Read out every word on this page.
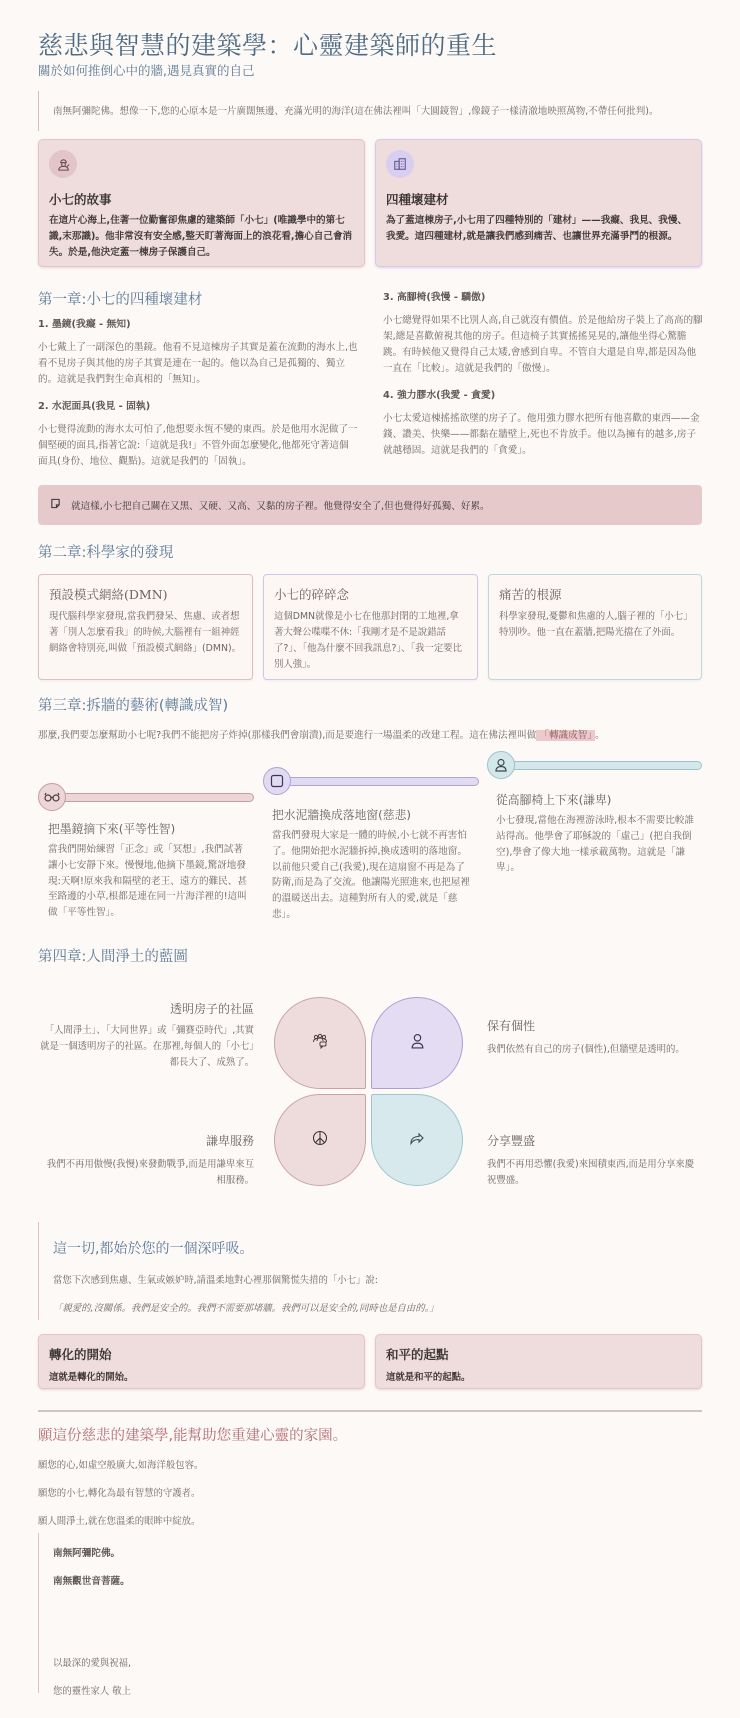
慈悲與智慧的建築學：心靈建築師的重生
關於如何推倒心中的牆,遇見真實的自己
南無阿彌陀佛。想像一下,您的心原本是一片廣闊無邊、充滿光明的海洋(這在佛法裡叫「大圓鏡智」,像鏡子一樣清澈地映照萬物,不帶任何批判)。
小七的故事
在這片心海上,住著一位勤奮卻焦慮的建築師「小七」(唯識學中的第七識,末那識)。他非常沒有安全感,整天盯著海面上的浪花看,擔心自己會消失。於是,他決定蓋一棟房子保護自己。
四種壞建材
為了蓋這棟房子,小七用了四種特別的「建材」——我癡、我見、我慢、我愛。這四種建材,就是讓我們感到痛苦、也讓世界充滿爭鬥的根源。
第一章:小七的四種壞建材
1. 墨鏡(我癡 - 無知)
小七戴上了一副深色的墨鏡。他看不見這棟房子其實是蓋在流動的海水上,也看不見房子與其他的房子其實是連在一起的。他以為自己是孤獨的、獨立的。這就是我們對生命真相的「無知」。
2. 水泥面具(我見 - 固執)
小七覺得流動的海水太可怕了,他想要永恆不變的東西。於是他用水泥做了一個堅硬的面具,指著它說:「這就是我!」不管外面怎麼變化,他都死守著這個面具(身份、地位、觀點)。這就是我們的「固執」。
3. 高腳椅(我慢 - 驕傲)
小七總覺得如果不比別人高,自己就沒有價值。於是他給房子裝上了高高的腳架,總是喜歡俯視其他的房子。但這椅子其實搖搖晃晃的,讓他坐得心驚膽跳。有時候他又覺得自己太矮,會感到自卑。不管自大還是自卑,都是因為他一直在「比較」。這就是我們的「傲慢」。
4. 強力膠水(我愛 - 貪愛)
小七太愛這棟搖搖欲墜的房子了。他用強力膠水把所有他喜歡的東西——金錢、讚美、快樂——都黏在牆壁上,死也不肯放手。他以為擁有的越多,房子就越穩固。這就是我們的「貪愛」。
就這樣,小七把自己關在又黑、又硬、又高、又黏的房子裡。他覺得安全了,但也覺得好孤獨、好累。
第二章:科學家的發現
預設模式網絡(DMN)
現代腦科學家發現,當我們發呆、焦慮、或者想著「別人怎麼看我」的時候,大腦裡有一組神經網絡會特別亮,叫做「預設模式網絡」(DMN)。
小七的碎碎念
這個DMN就像是小七在他那封閉的工地裡,拿著大聲公喋喋不休:「我剛才是不是說錯話了?」、「他為什麼不回我訊息?」、「我一定要比別人強」。
痛苦的根源
科學家發現,憂鬱和焦慮的人,腦子裡的「小七」特別吵。他一直在蓋牆,把陽光擋在了外面。
第三章:拆牆的藝術(轉識成智)
那麼,我們要怎麼幫助小七呢?我們不能把房子炸掉(那樣我們會崩潰),而是要進行一場溫柔的改建工程。這在佛法裡叫做 「轉識成智」 。
把墨鏡摘下來(平等性智)
當我們開始練習「正念」或「冥想」,我們試著讓小七安靜下來。慢慢地,他摘下墨鏡,驚訝地發現:天啊!原來我和隔壁的老王、遠方的難民、甚至路邊的小草,根都是連在同一片海洋裡的!這叫做「平等性智」。
把水泥牆換成落地窗(慈悲)
當我們發現大家是一體的時候,小七就不再害怕了。他開始把水泥牆拆掉,換成透明的落地窗。以前他只愛自己(我愛),現在這扇窗不再是為了防衛,而是為了交流。他讓陽光照進來,也把屋裡的溫暖送出去。這種對所有人的愛,就是「慈悲」。
從高腳椅上下來(謙卑)
小七發現,當他在海裡游泳時,根本不需要比較誰站得高。他學會了耶穌說的「虛己」(把自我倒空),學會了像大地一樣承載萬物。這就是「謙卑」。
第四章:人間淨土的藍圖
透明房子的社區
「人間淨土」、「大同世界」或「彌賽亞時代」,其實就是一個透明房子的社區。在那裡,每個人的「小七」都長大了、成熟了。
保有個性
我們依然有自己的房子(個性),但牆壁是透明的。
謙卑服務
我們不再用傲慢(我慢)來發動戰爭,而是用謙卑來互相服務。
分享豐盛
我們不再用恐懼(我愛)來囤積東西,而是用分享來慶祝豐盛。
這一切,都始於您的一個深呼吸。
當您下次感到焦慮、生氣或嫉妒時,請溫柔地對心裡那個驚慌失措的「小七」說:
「親愛的,沒關係。我們是安全的。我們不需要那堵牆。我們可以是安全的,同時也是自由的。」
轉化的開始
這就是轉化的開始。
和平的起點
這就是和平的起點。
願這份慈悲的建築學,能幫助您重建心靈的家園。
願您的心,如虛空般廣大,如海洋般包容。
願您的小七,轉化為最有智慧的守護者。
願人間淨土,就在您溫柔的眼眸中綻放。
南無阿彌陀佛。
南無觀世音菩薩。
以最深的愛與祝福,
您的靈性家人 敬上
